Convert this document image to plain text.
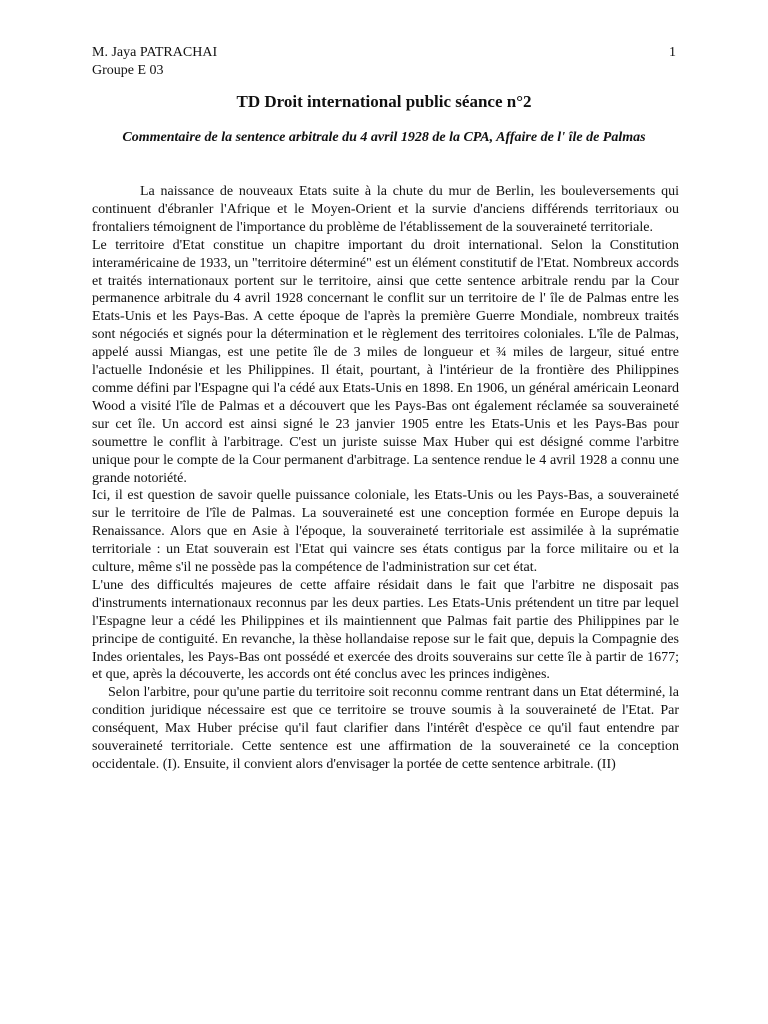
M. Jaya PATRACHAI
Groupe E 03
1
TD Droit international public séance n°2
Commentaire de la sentence arbitrale du 4 avril 1928 de la CPA, Affaire de l' île de Palmas

La naissance de nouveaux Etats suite à la chute du mur de Berlin, les bouleversements qui continuent d'ébranler l'Afrique et le Moyen-Orient et la survie d'anciens différends territoriaux ou frontaliers témoignent de l'importance du problème de l'établissement de la souveraineté territoriale.

Le territoire d'Etat constitue un chapitre important du droit international. Selon la Constitution interaméricaine de 1933, un "territoire déterminé" est un élément constitutif de l'Etat. Nombreux accords et traités internationaux portent sur le territoire, ainsi que cette sentence arbitrale rendu par la Cour permanence arbitrale du 4 avril 1928 concernant le conflit sur un territoire de l' île de Palmas entre les Etats-Unis et les Pays-Bas. A cette époque de l'après la première Guerre Mondiale, nombreux traités sont négociés et signés pour la détermination et le règlement des territoires coloniales. L'île de Palmas, appelé aussi Miangas, est une petite île de 3 miles de longueur et ¾ miles de largeur, situé entre l'actuelle Indonésie et les Philippines. Il était, pourtant, à l'intérieur de la frontière des Philippines comme défini par l'Espagne qui l'a cédé aux Etats-Unis en 1898. En 1906, un général américain Leonard Wood a visité l'île de Palmas et a découvert que les Pays-Bas ont également réclamée sa souveraineté sur cet île. Un accord est ainsi signé le 23 janvier 1905 entre les Etats-Unis et les Pays-Bas pour soumettre le conflit à l'arbitrage. C'est un juriste suisse Max Huber qui est désigné comme l'arbitre unique pour le compte de la Cour permanent d'arbitrage. La sentence rendue le 4 avril 1928 a connu une grande notoriété.

Ici, il est question de savoir quelle puissance coloniale, les Etats-Unis ou les Pays-Bas, a souveraineté sur le territoire de l'île de Palmas. La souveraineté est une conception formée en Europe depuis la Renaissance. Alors que en Asie à l'époque, la souveraineté territoriale est assimilée à la suprématie territoriale : un Etat souverain est l'Etat qui vaincre ses états contigus par la force militaire ou et la culture, même s'il ne possède pas la compétence de l'administration sur cet état.

L'une des difficultés majeures de cette affaire résidait dans le fait que l'arbitre ne disposait pas d'instruments internationaux reconnus par les deux parties. Les Etats-Unis prétendent un titre par lequel l'Espagne leur a cédé les Philippines et ils maintiennent que Palmas fait partie des Philippines par le principe de contiguité. En revanche, la thèse hollandaise repose sur le fait que, depuis la Compagnie des Indes orientales, les Pays-Bas ont possédé et exercée des droits souverains sur cette île à partir de 1677; et que, après la découverte, les accords ont été conclus avec les princes indigènes.

Selon l'arbitre, pour qu'une partie du territoire soit reconnu comme rentrant dans un Etat déterminé, la condition juridique nécessaire est que ce territoire se trouve soumis à la souveraineté de l'Etat. Par conséquent, Max Huber précise qu'il faut clarifier dans l'intérêt d'espèce ce qu'il faut entendre par souveraineté territoriale. Cette sentence est une affirmation de la souveraineté ce la conception occidentale. (I). Ensuite, il convient alors d'envisager la portée de cette sentence arbitrale. (II)
